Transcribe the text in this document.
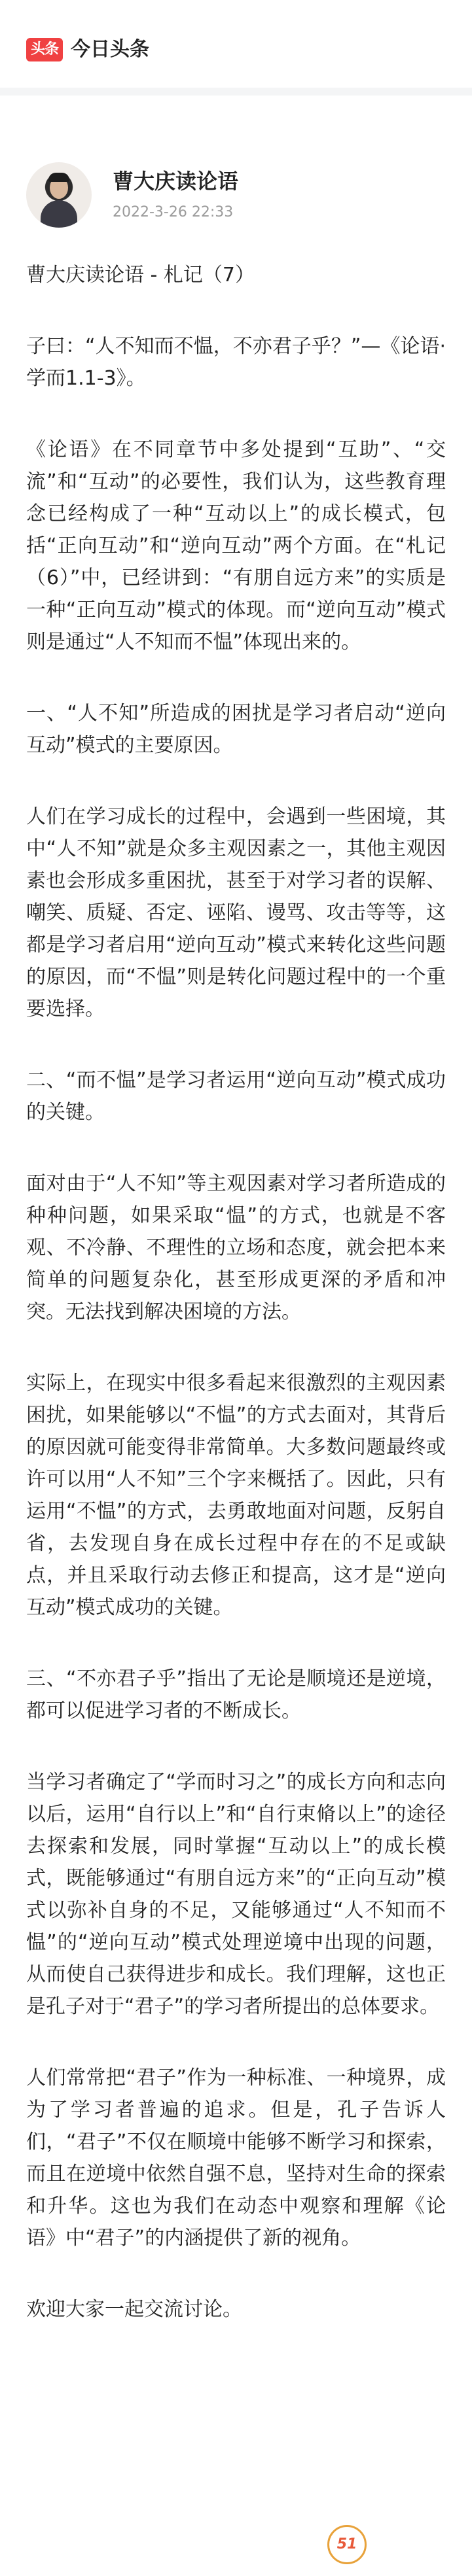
头条 今日头条
曹大庆读论语
2022-3-26 22:33

曹大庆读论语 - 札记（7）

子曰：“人不知而不愠，不亦君子乎？”—《论语·学而1.1-3》。

《论语》在不同章节中多处提到“互助”、“交流”和“互动”的必要性，我们认为，这些教育理念已经构成了一种“互动以上”的成长模式，包括“正向互动”和“逆向互动”两个方面。在“札记（6）”中，已经讲到：“有朋自远方来”的实质是一种“正向互动”模式的体现。而“逆向互动”模式则是通过“人不知而不愠”体现出来的。

一、“人不知”所造成的困扰是学习者启动“逆向互动”模式的主要原因。

人们在学习成长的过程中，会遇到一些困境，其中“人不知”就是众多主观因素之一，其他主观因素也会形成多重困扰，甚至于对学习者的误解、嘲笑、质疑、否定、诬陷、谩骂、攻击等等，这都是学习者启用“逆向互动”模式来转化这些问题的原因，而“不愠”则是转化问题过程中的一个重要选择。

二、“而不愠”是学习者运用“逆向互动”模式成功的关键。

面对由于“人不知”等主观因素对学习者所造成的种种问题，如果采取“愠”的方式，也就是不客观、不冷静、不理性的立场和态度，就会把本来简单的问题复杂化，甚至形成更深的矛盾和冲突。无法找到解决困境的方法。

实际上，在现实中很多看起来很激烈的主观因素困扰，如果能够以“不愠”的方式去面对，其背后的原因就可能变得非常简单。大多数问题最终或许可以用“人不知”三个字来概括了。因此，只有运用“不愠”的方式，去勇敢地面对问题，反躬自省，去发现自身在成长过程中存在的不足或缺点，并且采取行动去修正和提高，这才是“逆向互动”模式成功的关键。

三、“不亦君子乎”指出了无论是顺境还是逆境，都可以促进学习者的不断成长。

当学习者确定了“学而时习之”的成长方向和志向以后，运用“自行以上”和“自行束脩以上”的途径去探索和发展，同时掌握“互动以上”的成长模式，既能够通过“有朋自远方来”的“正向互动”模式以弥补自身的不足，又能够通过“人不知而不愠”的“逆向互动”模式处理逆境中出现的问题，从而使自己获得进步和成长。我们理解，这也正是孔子对于“君子”的学习者所提出的总体要求。

人们常常把“君子”作为一种标准、一种境界，成为了学习者普遍的追求。但是，孔子告诉人们，“君子”不仅在顺境中能够不断学习和探索，而且在逆境中依然自强不息，坚持对生命的探索和升华。这也为我们在动态中观察和理解《论语》中“君子”的内涵提供了新的视角。

欢迎大家一起交流讨论。

51
